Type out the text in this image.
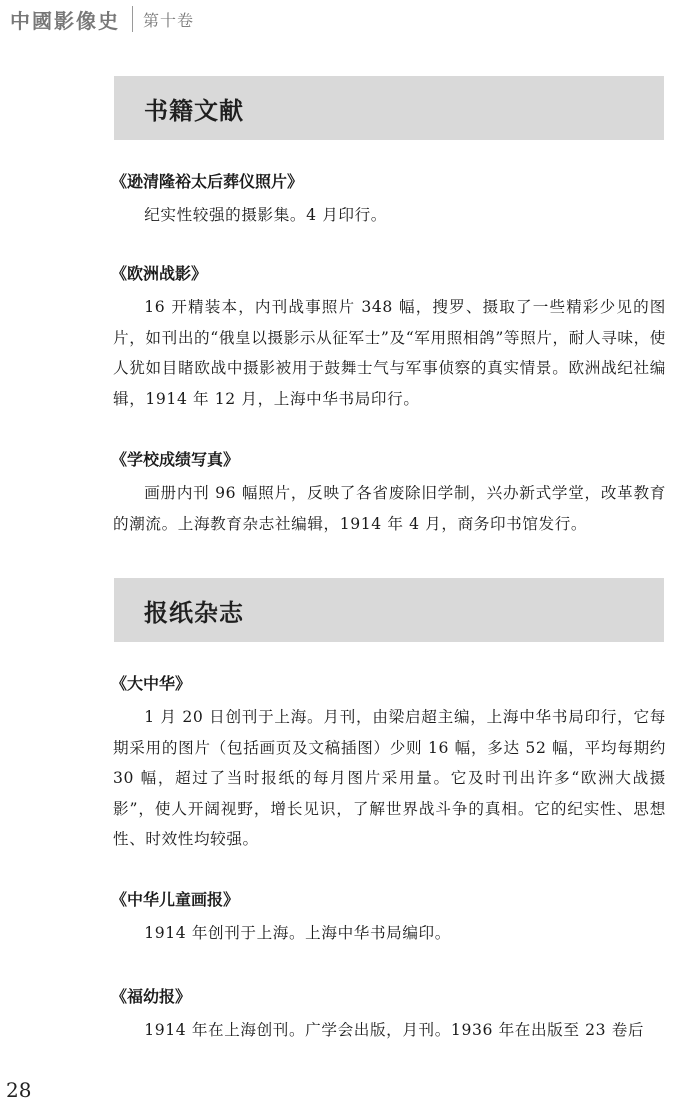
中國影像史 第十卷
书籍文献
《逊清隆裕太后葬仪照片》
纪实性较强的摄影集。4 月印行。
《欧洲战影》
16 开精装本，内刊战事照片 348 幅，搜罗、摄取了一些精彩少见的图片，如刊出的“俄皇以摄影示从征军士”及“军用照相鸽”等照片，耐人寻味，使人犹如目睹欧战中摄影被用于鼓舞士气与军事侦察的真实情景。欧洲战纪社编辑，1914 年 12 月，上海中华书局印行。
《学校成绩写真》
画册内刊 96 幅照片，反映了各省废除旧学制，兴办新式学堂，改革教育的潮流。上海教育杂志社编辑，1914 年 4 月，商务印书馆发行。
报纸杂志
《大中华》
1 月 20 日创刊于上海。月刊，由梁启超主编，上海中华书局印行，它每期采用的图片（包括画页及文稿插图）少则 16 幅，多达 52 幅，平均每期约 30 幅，超过了当时报纸的每月图片采用量。它及时刊出许多“欧洲大战摄影”，使人开阔视野，增长见识，了解世界战斗争的真相。它的纪实性、思想性、时效性均较强。
《中华儿童画报》
1914 年创刊于上海。上海中华书局编印。
《福幼报》
1914 年在上海创刊。广学会出版，月刊。1936 年在出版至 23 卷后
28
